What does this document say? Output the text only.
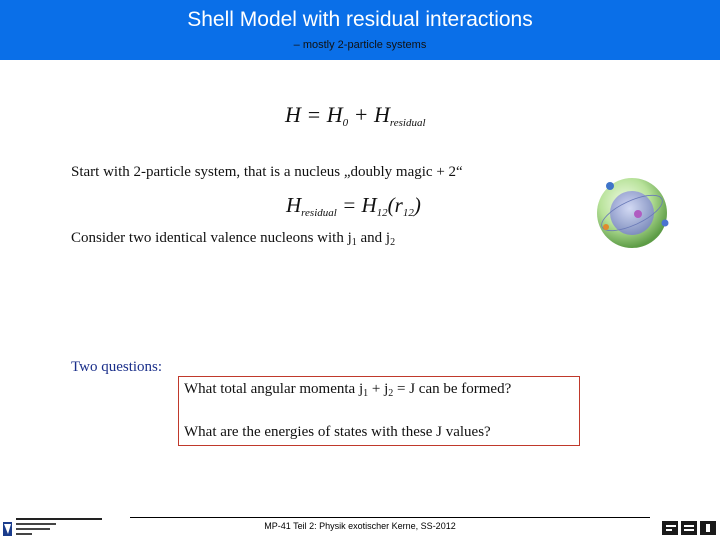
Shell Model with residual interactions
– mostly 2-particle systems
$H = H_0 + H_{residual}$
Start with 2-particle system, that is a nucleus „doubly magic + 2“
$H_{residual} = H_{12}(r_{12})$
Consider two identical valence nucleons with $j_1$ and $j_2$
Two questions:
What total angular momenta $j_1 + j_2 = J$ can be formed?
What are the energies of states with these J values?
MP-41 Teil 2: Physik exotischer Kerne, SS-2012
